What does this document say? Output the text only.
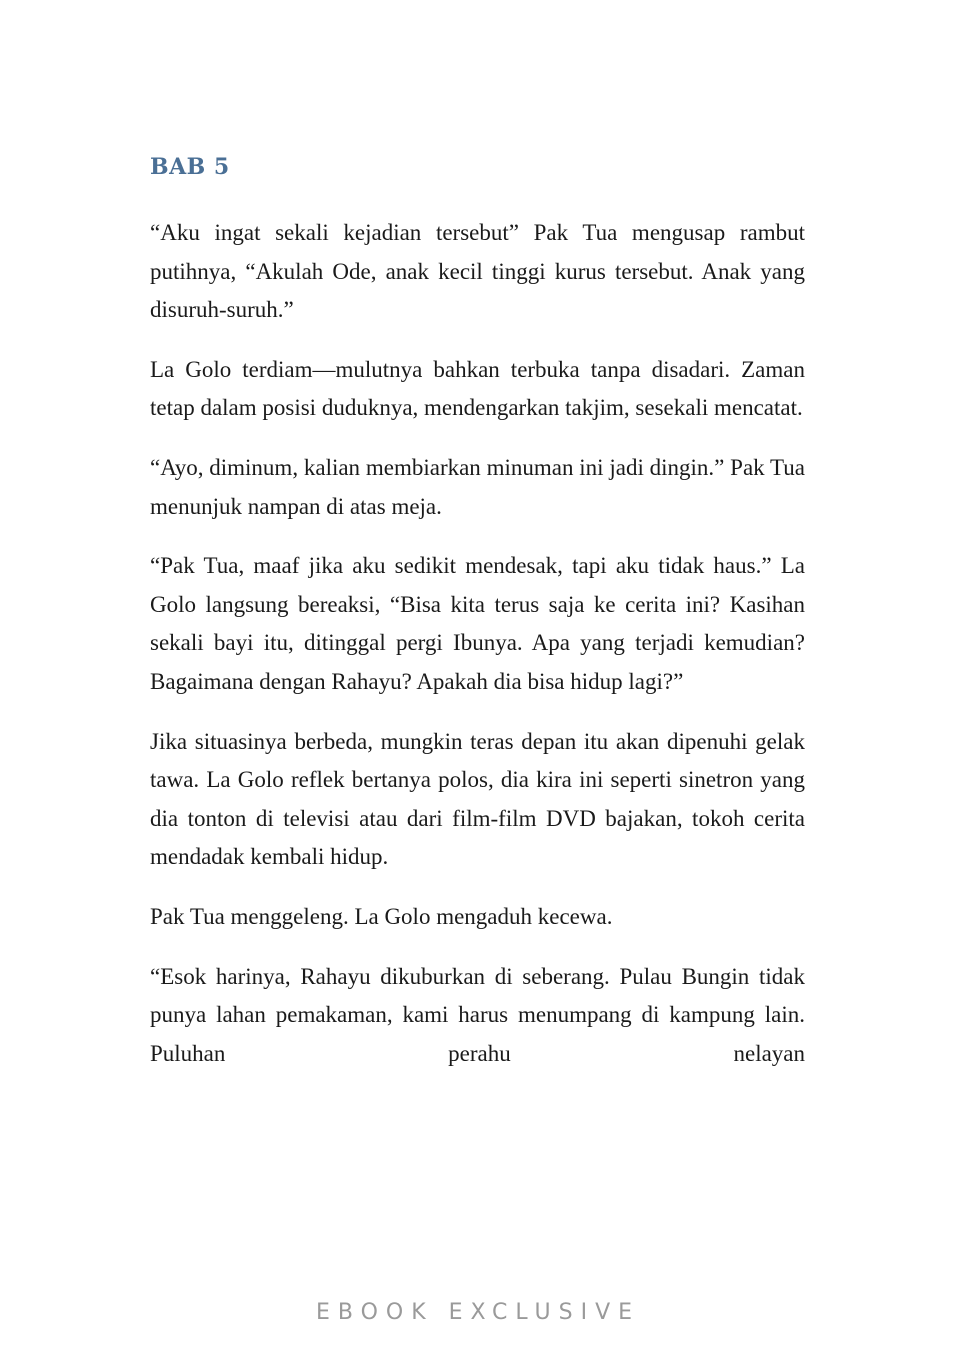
BAB 5

“Aku ingat sekali kejadian tersebut” Pak Tua mengusap rambut putihnya, “Akulah Ode, anak kecil tinggi kurus tersebut. Anak yang disuruh-suruh.”

La Golo terdiam—mulutnya bahkan terbuka tanpa disadari. Zaman tetap dalam posisi duduknya, mendengarkan takjim, sesekali mencatat.

“Ayo, diminum, kalian membiarkan minuman ini jadi dingin.” Pak Tua menunjuk nampan di atas meja.

“Pak Tua, maaf jika aku sedikit mendesak, tapi aku tidak haus.” La Golo langsung bereaksi, “Bisa kita terus saja ke cerita ini? Kasihan sekali bayi itu, ditinggal pergi Ibunya. Apa yang terjadi kemudian? Bagaimana dengan Rahayu? Apakah dia bisa hidup lagi?”

Jika situasinya berbeda, mungkin teras depan itu akan dipenuhi gelak tawa. La Golo reflek bertanya polos, dia kira ini seperti sinetron yang dia tonton di televisi atau dari film-film DVD bajakan, tokoh cerita mendadak kembali hidup.

Pak Tua menggeleng. La Golo mengaduh kecewa.

“Esok harinya, Rahayu dikuburkan di seberang. Pulau Bungin tidak punya lahan pemakaman, kami harus menumpang di kampung lain. Puluhan perahu nelayan

EBOOK EXCLUSIVE
